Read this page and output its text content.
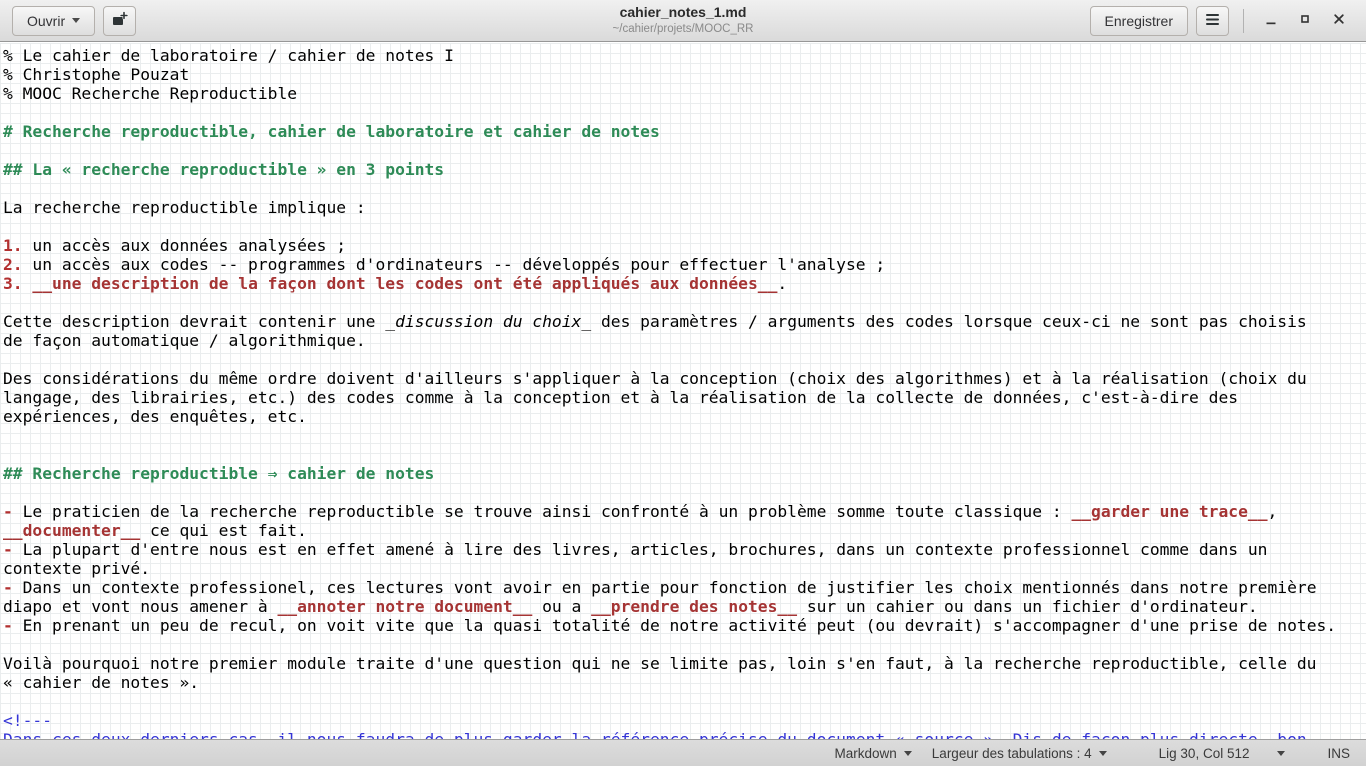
Ouvrir
cahier_notes_1.md
~/cahier/projets/MOOC_RR	Enregistrer
% Le cahier de laboratoire / cahier de notes I
% Christophe Pouzat
% MOOC Recherche Reproductible
# Recherche reproductible, cahier de laboratoire et cahier de notes
## La « recherche reproductible » en 3 points
La recherche reproductible implique :
1. un accès aux données analysées ;
2. un accès aux codes -- programmes d'ordinateurs -- développés pour effectuer l'analyse ;
3. __une description de la façon dont les codes ont été appliqués aux données__.
Cette description devrait contenir une _discussion du choix_ des paramètres / arguments des codes lorsque ceux-ci ne sont pas choisis
de façon automatique / algorithmique.
Des considérations du même ordre doivent d'ailleurs s'appliquer à la conception (choix des algorithmes) et à la réalisation (choix du
langage, des librairies, etc.) des codes comme à la conception et à la réalisation de la collecte de données, c'est-à-dire des
expériences, des enquêtes, etc.
## Recherche reproductible ⇒ cahier de notes
- Le praticien de la recherche reproductible se trouve ainsi confronté à un problème somme toute classique : __garder une trace__,
__documenter__ ce qui est fait.
- La plupart d'entre nous est en effet amené à lire des livres, articles, brochures, dans un contexte professionnel comme dans un
contexte privé.
- Dans un contexte professionel, ces lectures vont avoir en partie pour fonction de justifier les choix mentionnés dans notre première
diapo et vont nous amener à __annoter notre document__ ou a __prendre des notes__ sur un cahier ou dans un fichier d'ordinateur.
- En prenant un peu de recul, on voit vite que la quasi totalité de notre activité peut (ou devrait) s'accompagner d'une prise de notes.
Voilà pourquoi notre premier module traite d'une question qui ne se limite pas, loin s'en faut, à la recherche reproductible, celle du
« cahier de notes ».
<!---
Markdown	Largeur des tabulations : 4	Lig 30, Col 512	INS
